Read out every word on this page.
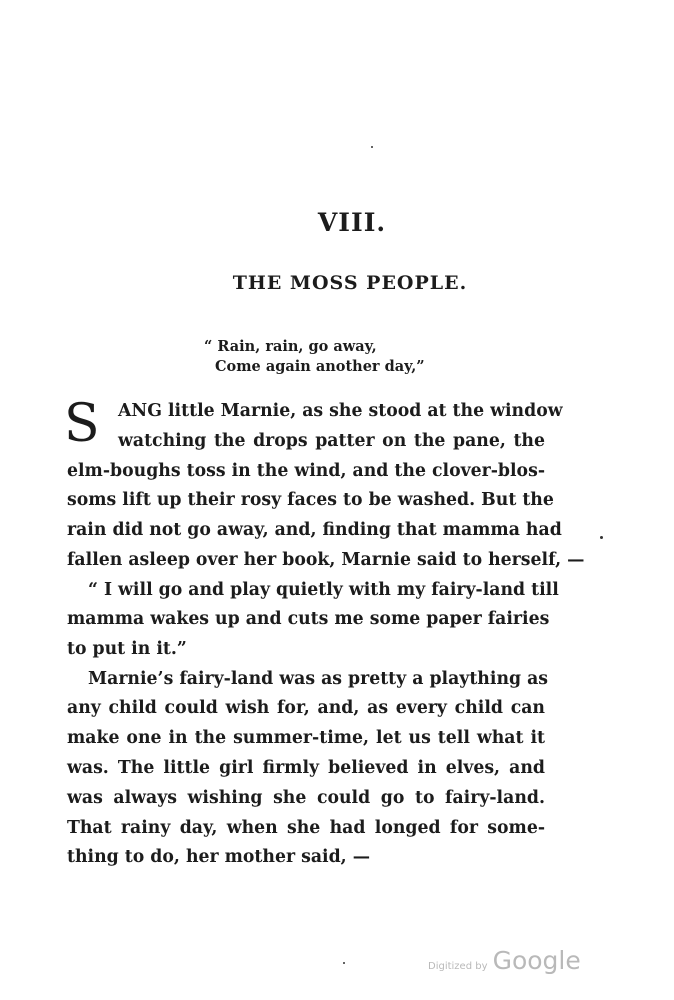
VIII.
THE MOSS PEOPLE.
“ Rain, rain, go away,
Come again another day,”
S ANG little Marnie, as she stood at the window
watching the drops patter on the pane, the
elm-boughs toss in the wind, and the clover-blos-
soms lift up their rosy faces to be washed. But the
rain did not go away, and, finding that mamma had
fallen asleep over her book, Marnie said to herself, —
“ I will go and play quietly with my fairy-land till
mamma wakes up and cuts me some paper fairies
to put in it.”
Marnie’s fairy-land was as pretty a plaything as
any child could wish for, and, as every child can
make one in the summer-time, let us tell what it
was. The little girl firmly believed in elves, and
was always wishing she could go to fairy-land.
That rainy day, when she had longed for some-
thing to do, her mother said, —
Digitized by Google
